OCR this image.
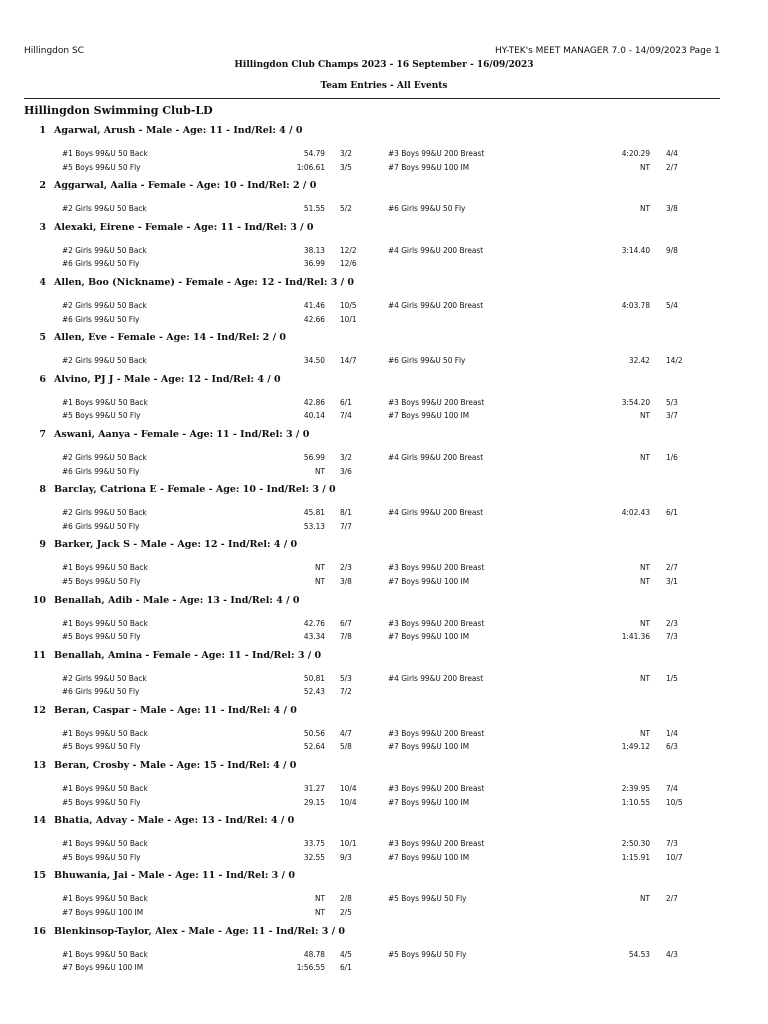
Hillingdon SC	HY-TEK's MEET MANAGER 7.0 - 14/09/2023 Page 1
Hillingdon Club Champs 2023 - 16 September - 16/09/2023
Team Entries - All Events
Hillingdon Swimming Club-LD
1 Agarwal, Arush - Male - Age: 11 - Ind/Rel: 4 / 0
#1 Boys 99&U 50 Back	54.79 3/2	#3 Boys 99&U 200 Breast	4:20.29 4/4
#5 Boys 99&U 50 Fly	1:06.61 3/5	#7 Boys 99&U 100 IM	NT 2/7
2 Aggarwal, Aalia - Female - Age: 10 - Ind/Rel: 2 / 0
#2 Girls 99&U 50 Back	51.55 5/2	#6 Girls 99&U 50 Fly	NT 3/8
3 Alexaki, Eirene - Female - Age: 11 - Ind/Rel: 3 / 0
#2 Girls 99&U 50 Back	38.13 12/2	#4 Girls 99&U 200 Breast	3:14.40 9/8
#6 Girls 99&U 50 Fly	36.99 12/6
4 Allen, Boo (Nickname) - Female - Age: 12 - Ind/Rel: 3 / 0
#2 Girls 99&U 50 Back	41.46 10/5	#4 Girls 99&U 200 Breast	4:03.78 5/4
#6 Girls 99&U 50 Fly	42.66 10/1
5 Allen, Eve - Female - Age: 14 - Ind/Rel: 2 / 0
#2 Girls 99&U 50 Back	34.50 14/7	#6 Girls 99&U 50 Fly	32.42 14/2
6 Alvino, PJ J - Male - Age: 12 - Ind/Rel: 4 / 0
#1 Boys 99&U 50 Back	42.86 6/1	#3 Boys 99&U 200 Breast	3:54.20 5/3
#5 Boys 99&U 50 Fly	40.14 7/4	#7 Boys 99&U 100 IM	NT 3/7
7 Aswani, Aanya - Female - Age: 11 - Ind/Rel: 3 / 0
#2 Girls 99&U 50 Back	56.99 3/2	#4 Girls 99&U 200 Breast	NT 1/6
#6 Girls 99&U 50 Fly	NT 3/6
8 Barclay, Catriona E - Female - Age: 10 - Ind/Rel: 3 / 0
#2 Girls 99&U 50 Back	45.81 8/1	#4 Girls 99&U 200 Breast	4:02.43 6/1
#6 Girls 99&U 50 Fly	53.13 7/7
9 Barker, Jack S - Male - Age: 12 - Ind/Rel: 4 / 0
#1 Boys 99&U 50 Back	NT 2/3	#3 Boys 99&U 200 Breast	NT 2/7
#5 Boys 99&U 50 Fly	NT 3/8	#7 Boys 99&U 100 IM	NT 3/1
10 Benallah, Adib - Male - Age: 13 - Ind/Rel: 4 / 0
#1 Boys 99&U 50 Back	42.76 6/7	#3 Boys 99&U 200 Breast	NT 2/3
#5 Boys 99&U 50 Fly	43.34 7/8	#7 Boys 99&U 100 IM	1:41.36 7/3
11 Benallah, Amina - Female - Age: 11 - Ind/Rel: 3 / 0
#2 Girls 99&U 50 Back	50.81 5/3	#4 Girls 99&U 200 Breast	NT 1/5
#6 Girls 99&U 50 Fly	52.43 7/2
12 Beran, Caspar - Male - Age: 11 - Ind/Rel: 4 / 0
#1 Boys 99&U 50 Back	50.56 4/7	#3 Boys 99&U 200 Breast	NT 1/4
#5 Boys 99&U 50 Fly	52.64 5/8	#7 Boys 99&U 100 IM	1:49.12 6/3
13 Beran, Crosby - Male - Age: 15 - Ind/Rel: 4 / 0
#1 Boys 99&U 50 Back	31.27 10/4	#3 Boys 99&U 200 Breast	2:39.95 7/4
#5 Boys 99&U 50 Fly	29.15 10/4	#7 Boys 99&U 100 IM	1:10.55 10/5
14 Bhatia, Advay - Male - Age: 13 - Ind/Rel: 4 / 0
#1 Boys 99&U 50 Back	33.75 10/1	#3 Boys 99&U 200 Breast	2:50.30 7/3
#5 Boys 99&U 50 Fly	32.55 9/3	#7 Boys 99&U 100 IM	1:15.91 10/7
15 Bhuwania, Jai - Male - Age: 11 - Ind/Rel: 3 / 0
#1 Boys 99&U 50 Back	NT 2/8	#5 Boys 99&U 50 Fly	NT 2/7
#7 Boys 99&U 100 IM	NT 2/5
16 Blenkinsop-Taylor, Alex - Male - Age: 11 - Ind/Rel: 3 / 0
#1 Boys 99&U 50 Back	48.78 4/5	#5 Boys 99&U 50 Fly	54.53 4/3
#7 Boys 99&U 100 IM	1:56.55 6/1
